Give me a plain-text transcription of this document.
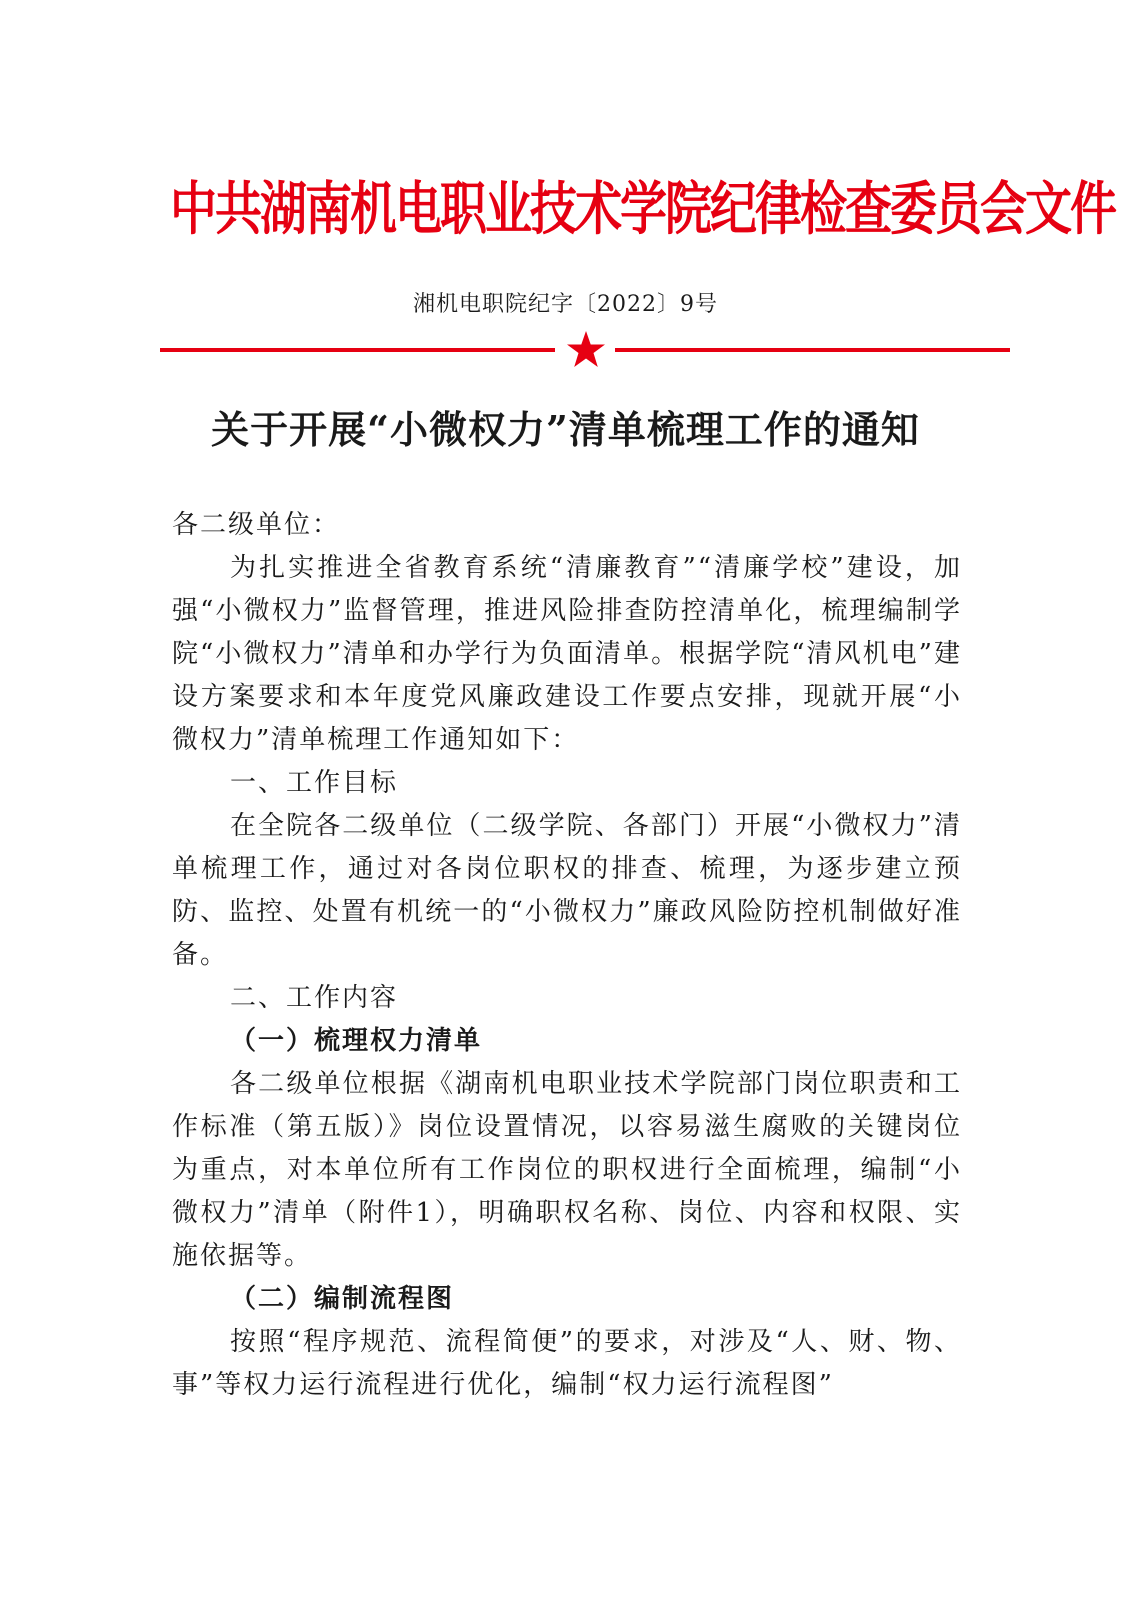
中共湖南机电职业技术学院纪律检查委员会文件
湘机电职院纪字〔2022〕9号
关于开展“小微权力”清单梳理工作的通知

各二级单位：

为扎实推进全省教育系统“清廉教育”“清廉学校”建设，加强“小微权力”监督管理，推进风险排查防控清单化，梳理编制学院“小微权力”清单和办学行为负面清单。根据学院“清风机电”建设方案要求和本年度党风廉政建设工作要点安排，现就开展“小微权力”清单梳理工作通知如下：

一、工作目标

在全院各二级单位（二级学院、各部门）开展“小微权力”清单梳理工作，通过对各岗位职权的排查、梳理，为逐步建立预防、监控、处置有机统一的“小微权力”廉政风险防控机制做好准备。

二、工作内容

（一）梳理权力清单

各二级单位根据《湖南机电职业技术学院部门岗位职责和工作标准（第五版）》岗位设置情况，以容易滋生腐败的关键岗位为重点，对本单位所有工作岗位的职权进行全面梳理，编制“小微权力”清单（附件1），明确职权名称、岗位、内容和权限、实施依据等。

（二）编制流程图

按照“程序规范、流程简便”的要求，对涉及“人、财、物、事”等权力运行流程进行优化，编制“权力运行流程图”
